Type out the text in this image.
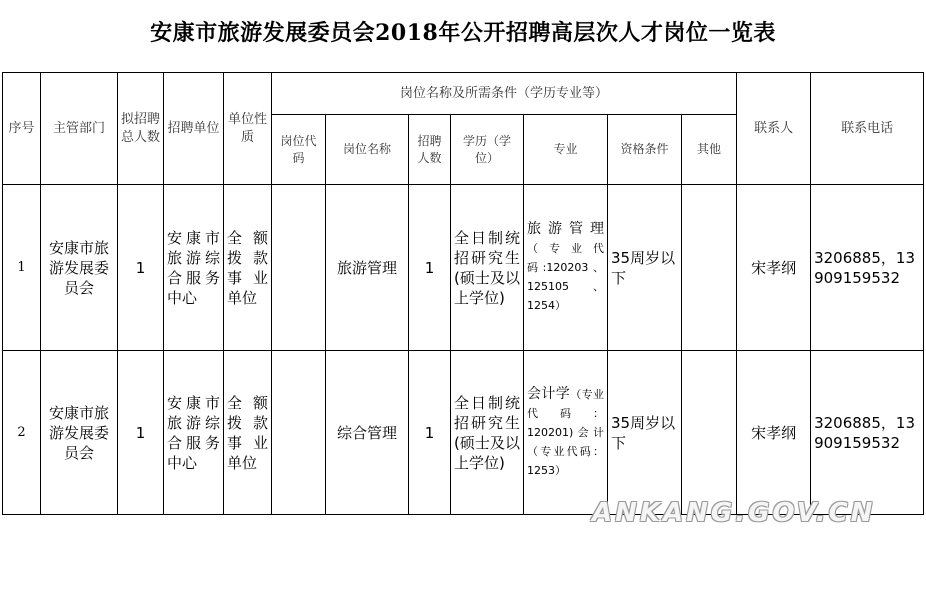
安康市旅游发展委员会2018年公开招聘高层次人才岗位一览表
序号	主管部门	拟招聘总人数	招聘单位	单位性质	岗位名称及所需条件（学历专业等）							联系人	联系电话
					岗位代码	岗位名称	招聘人数	学历（学位）	专业	资格条件	其他		
1	安康市旅游发展委员会	1	安康市旅游综合服务中心	全额拨款事业单位		旅游管理	1	全日制统招研究生(硕士及以上学位)	旅游管理（专业代码:120203、125105、1254）	35周岁以下		宋孝纲	3206885，13909159532
2	安康市旅游发展委员会	1	安康市旅游综合服务中心	全额拨款事业单位		综合管理	1	全日制统招研究生(硕士及以上学位)	会计学（专业代码：120201)会计（专业代码：1253）	35周岁以下		宋孝纲	3206885，13909159532
ANKANG.GOV.CN
